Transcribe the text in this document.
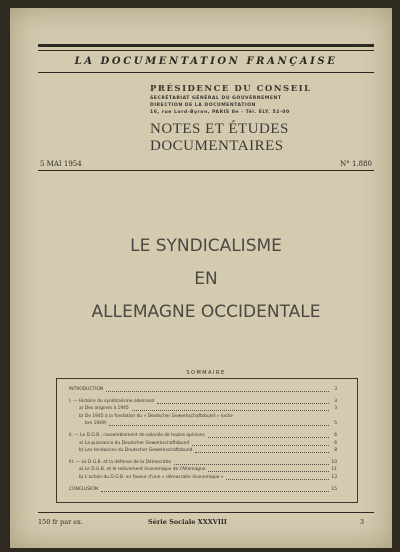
LA DOCUMENTATION FRANÇAISE
PRÉSIDENCE DU CONSEIL
SECRÉTARIAT GÉNÉRAL DU GOUVERNEMENT
DIRECTION DE LA DOCUMENTATION
16, rue Lord-Byron, PARIS 8e - Tél. ÉLY. 52-00
NOTES ET ÉTUDES
DOCUMENTAIRES
5 MAI 1954	N° 1.880
LE SYNDICALISME
EN
ALLEMAGNE OCCIDENTALE
SOMMAIRE
INTRODUCTION	3
I. — Histoire du syndicalisme allemand	3
a) Des origines à 1945	3
b) De 1945 à la fondation du « Deutscher Gewerkschaftsbund » (octo-
bre 1949)	5
II. — Le D.G.B., rassemblement de salariés de toutes opinions	6
a) La puissance du Deutscher Gewerkschaftsbund	6
b) Les tendances du Deutscher Gewerkschaftsbund	8
III. — Le D.G.B. et la défense de la Démocratie	10
a) Le D.G.B. et le relèvement économique de l'Allemagne	11
b) L'action du D.G.B. en faveur d'une « démocratie économique »	13
CONCLUSION	15
150 fr par ex.	Série Sociale XXXVIII	3
